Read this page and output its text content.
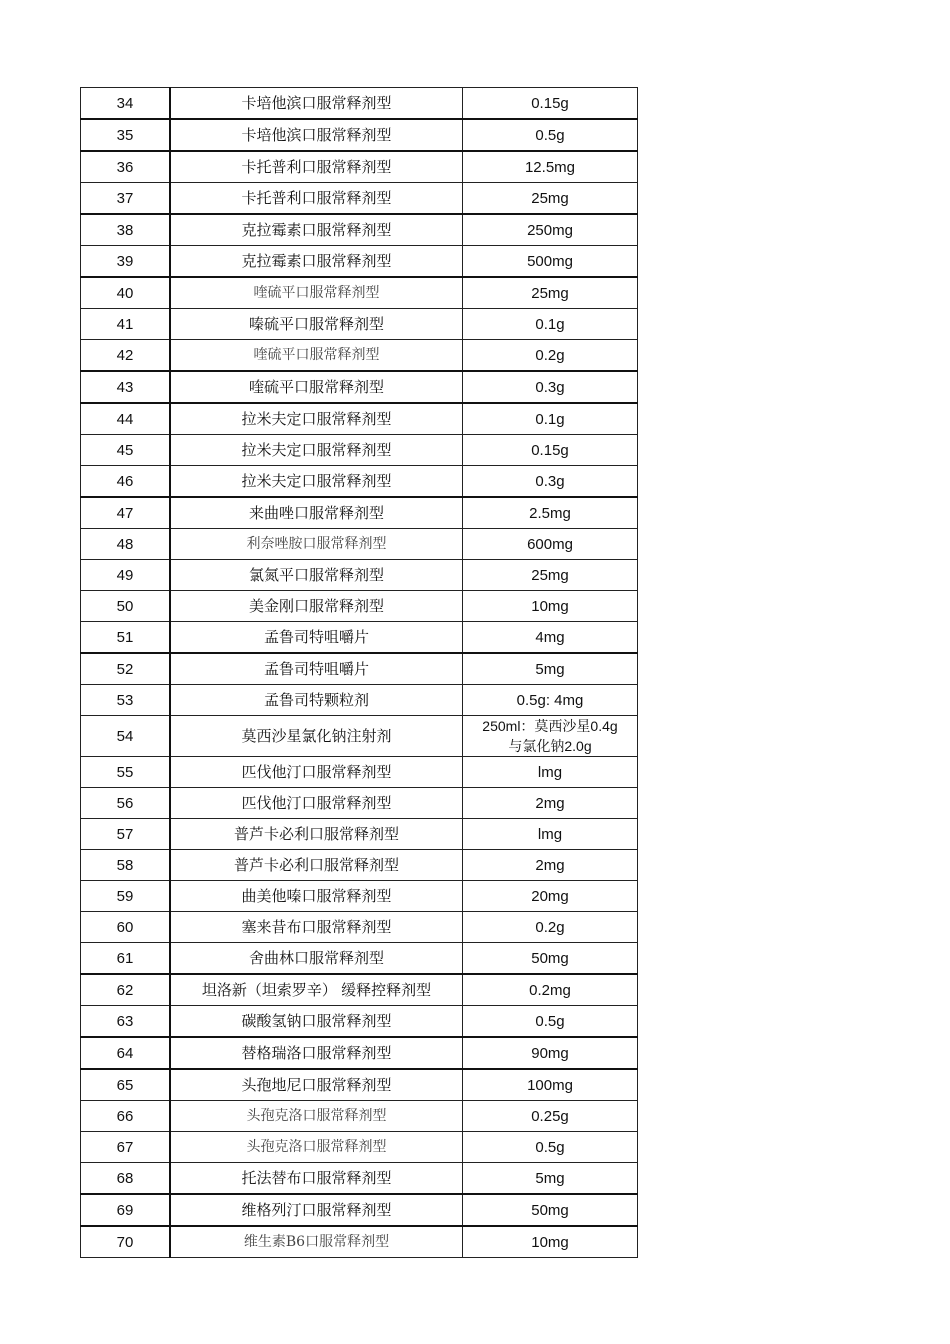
34	卡培他滨口服常释剂型	0.15g
35	卡培他滨口服常释剂型	0.5g
36	卡托普利口服常释剂型	12.5mg
37	卡托普利口服常释剂型	25mg
38	克拉霉素口服常释剂型	250mg
39	克拉霉素口服常释剂型	500mg
40	喹硫平口服常释剂型	25mg
41	嗪硫平口服常释剂型	0.1g
42	喹硫平口服常释剂型	0.2g
43	喹硫平口服常释剂型	0.3g
44	拉米夫定口服常释剂型	0.1g
45	拉米夫定口服常释剂型	0.15g
46	拉米夫定口服常释剂型	0.3g
47	来曲唑口服常释剂型	2.5mg
48	利奈唑胺口服常释剂型	600mg
49	氯氮平口服常释剂型	25mg
50	美金刚口服常释剂型	10mg
51	孟鲁司特咀嚼片	4mg
52	孟鲁司特咀嚼片	5mg
53	孟鲁司特颗粒剂	0.5g: 4mg
54	莫西沙星氯化钠注射剂	250ml：莫西沙星0.4g
与氯化钠2.0g

55	匹伐他汀口服常释剂型	lmg
56	匹伐他汀口服常释剂型	2mg
57	普芦卡必利口服常释剂型	lmg
58	普芦卡必利口服常释剂型	2mg
59	曲美他嗪口服常释剂型	20mg
60	塞来昔布口服常释剂型	0.2g
61	舍曲林口服常释剂型	50mg
62	坦洛新（坦索罗辛） 缓释控释剂型	0.2mg
63	碳酸氢钠口服常释剂型	0.5g
64	替格瑞洛口服常释剂型	90mg
65	头孢地尼口服常释剂型	100mg
66	头孢克洛口服常释剂型	0.25g
67	头孢克洛口服常释剂型	0.5g
68	托法替布口服常释剂型	5mg
69	维格列汀口服常释剂型	50mg
70	维生素B6口服常释剂型	10mg
